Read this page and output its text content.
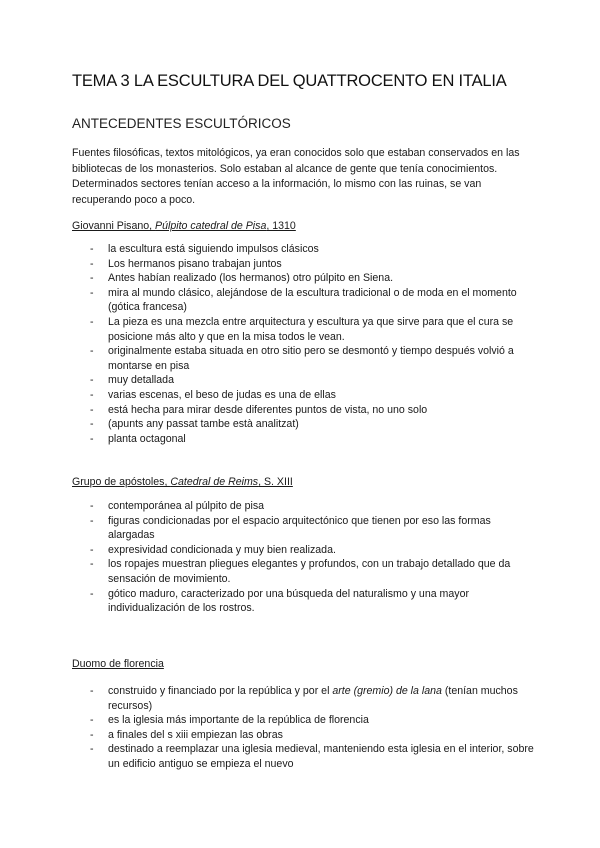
TEMA 3 LA ESCULTURA DEL QUATTROCENTO EN ITALIA
ANTECEDENTES ESCULTÓRICOS

Fuentes filosóficas, textos mitológicos, ya eran conocidos solo que estaban conservados en las bibliotecas de los monasterios. Solo estaban al alcance de gente que tenía conocimientos. Determinados sectores tenían acceso a la información, lo mismo con las ruinas, se van recuperando poco a poco.

Giovanni Pisano, Púlpito catedral de Pisa, 1310

- la escultura está siguiendo impulsos clásicos
- Los hermanos pisano trabajan juntos
- Antes habían realizado (los hermanos) otro púlpito en Siena.
- mira al mundo clásico, alejándose de la escultura tradicional o de moda en el momento (gótica francesa)
- La pieza es una mezcla entre arquitectura y escultura ya que sirve para que el cura se posicione más alto y que en la misa todos le vean.
- originalmente estaba situada en otro sitio pero se desmontó y tiempo después volvió a montarse en pisa
- muy detallada
- varias escenas, el beso de judas es una de ellas
- está hecha para mirar desde diferentes puntos de vista, no uno solo
- (apunts any passat tambe està analitzat)
- planta octagonal

Grupo de apóstoles, Catedral de Reims, S. XIII

- contemporánea al púlpito de pisa
- figuras condicionadas por el espacio arquitectónico que tienen por eso las formas alargadas
- expresividad condicionada y muy bien realizada.
- los ropajes muestran pliegues elegantes y profundos, con un trabajo detallado que da sensación de movimiento.
- gótico maduro, caracterizado por una búsqueda del naturalismo y una mayor individualización de los rostros.

Duomo de florencia

- construido y financiado por la república y por el arte (gremio) de la lana (tenían muchos recursos)
- es la iglesia más importante de la república de florencia
- a finales del s xiii empiezan las obras
- destinado a reemplazar una iglesia medieval, manteniendo esta iglesia en el interior, sobre un edificio antiguo se empieza el nuevo
